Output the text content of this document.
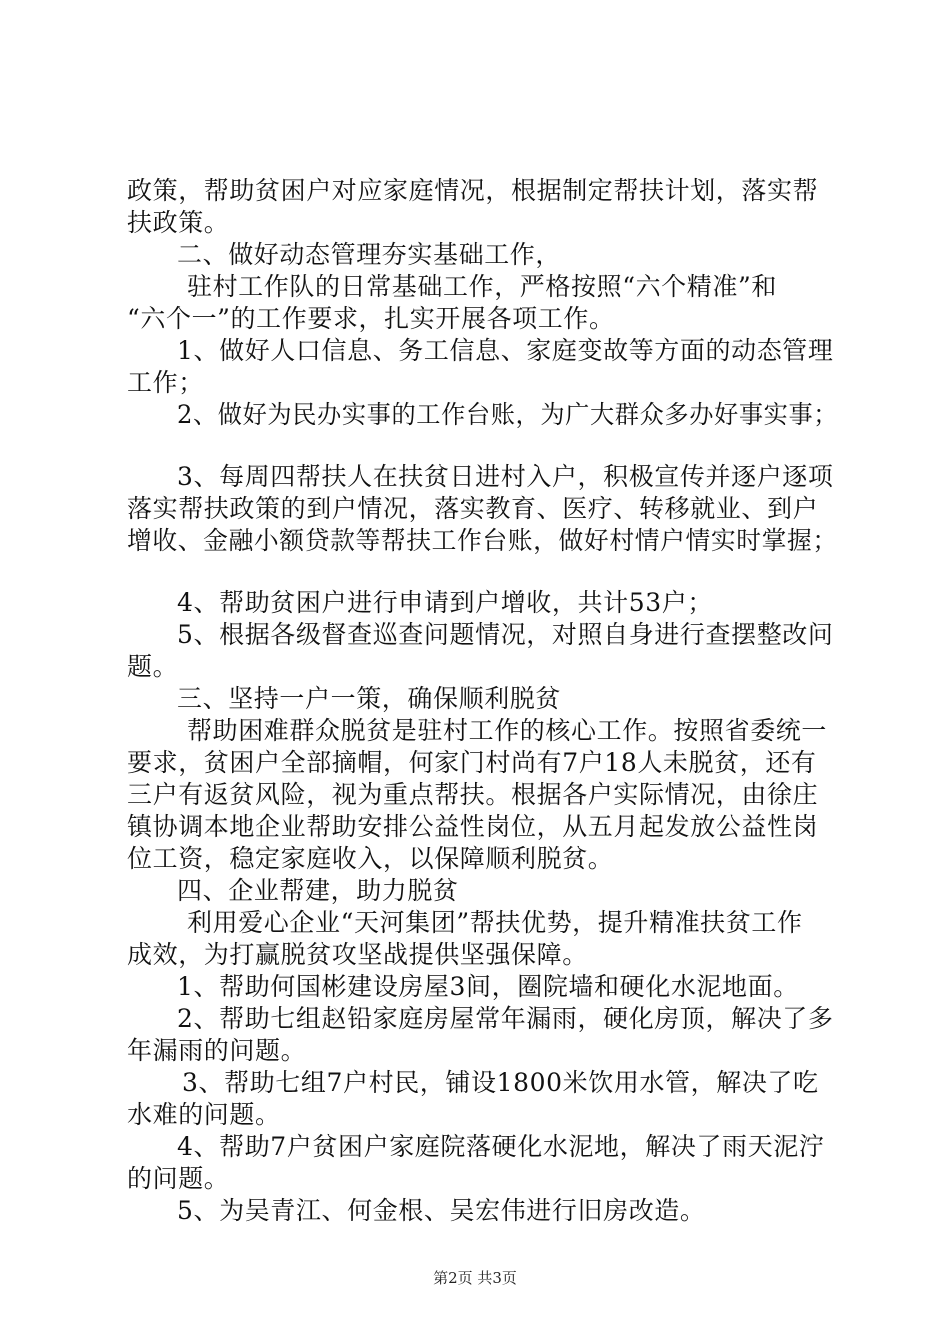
政策，帮助贫困户对应家庭情况，根据制定帮扶计划，落实帮
扶政策。
二、做好动态管理夯实基础工作，
驻村工作队的日常基础工作，严格按照“六个精准”和
“六个一”的工作要求，扎实开展各项工作。
1、做好人口信息、务工信息、家庭变故等方面的动态管理
工作；
2、做好为民办实事的工作台账，为广大群众多办好事实事；
3、每周四帮扶人在扶贫日进村入户，积极宣传并逐户逐项
落实帮扶政策的到户情况，落实教育、医疗、转移就业、到户
增收、金融小额贷款等帮扶工作台账，做好村情户情实时掌握；
4、帮助贫困户进行申请到户增收，共计53户；
5、根据各级督查巡查问题情况，对照自身进行查摆整改问
题。
三、坚持一户一策，确保顺利脱贫
帮助困难群众脱贫是驻村工作的核心工作。按照省委统一
要求，贫困户全部摘帽，何家门村尚有7户18人未脱贫，还有
三户有返贫风险，视为重点帮扶。根据各户实际情况，由徐庄
镇协调本地企业帮助安排公益性岗位，从五月起发放公益性岗
位工资，稳定家庭收入，以保障顺利脱贫。
四、企业帮建，助力脱贫
利用爱心企业“天河集团”帮扶优势，提升精准扶贫工作
成效，为打赢脱贫攻坚战提供坚强保障。
1、帮助何国彬建设房屋3间，圈院墙和硬化水泥地面。
2、帮助七组赵铅家庭房屋常年漏雨，硬化房顶，解决了多
年漏雨的问题。
3、帮助七组7户村民，铺设1800米饮用水管，解决了吃
水难的问题。
4、帮助7户贫困户家庭院落硬化水泥地，解决了雨天泥泞
的问题。
5、为吴青江、何金根、吴宏伟进行旧房改造。
第2页 共3页
